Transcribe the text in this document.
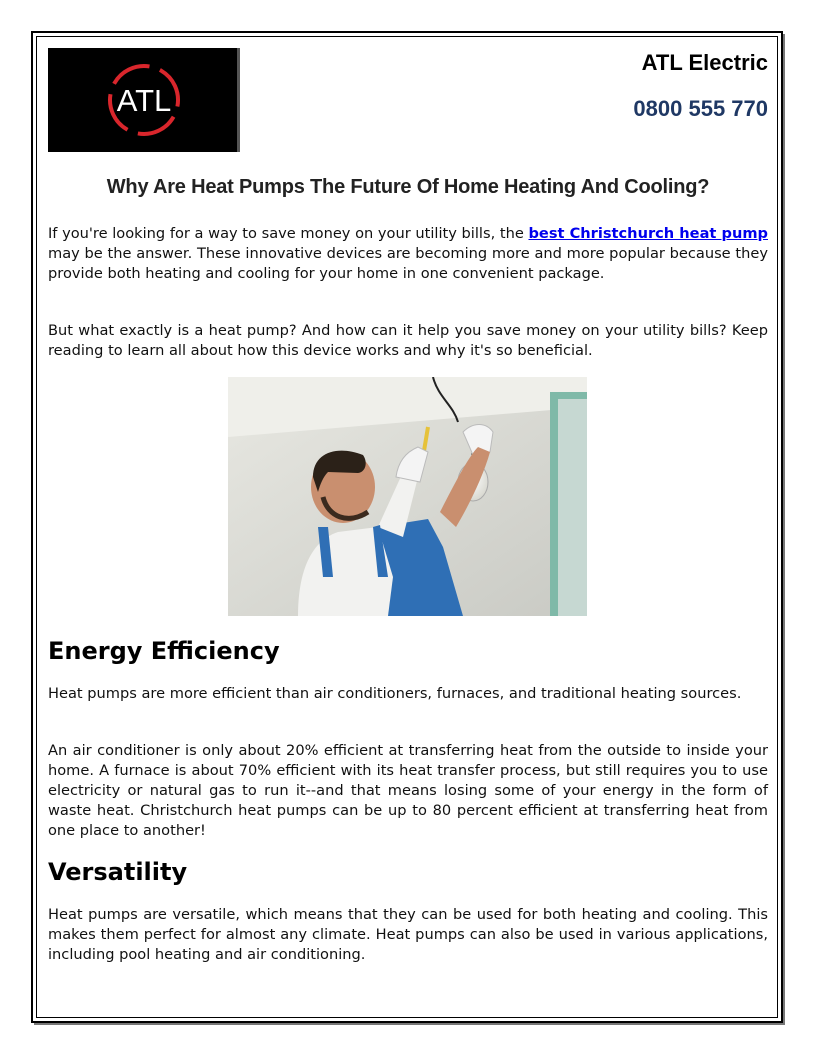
ATL
ATL Electric
0800 555 770
Why Are Heat Pumps The Future Of Home Heating And Cooling?

If you're looking for a way to save money on your utility bills, the best Christchurch heat pump may be the answer. These innovative devices are becoming more and more popular because they provide both heating and cooling for your home in one convenient package.

But what exactly is a heat pump? And how can it help you save money on your utility bills? Keep reading to learn all about how this device works and why it's so beneficial.

Energy Efficiency

Heat pumps are more efficient than air conditioners, furnaces, and traditional heating sources.

An air conditioner is only about 20% efficient at transferring heat from the outside to inside your home. A furnace is about 70% efficient with its heat transfer process, but still requires you to use electricity or natural gas to run it--and that means losing some of your energy in the form of waste heat. Christchurch heat pumps can be up to 80 percent efficient at transferring heat from one place to another!

Versatility

Heat pumps are versatile, which means that they can be used for both heating and cooling. This makes them perfect for almost any climate. Heat pumps can also be used in various applications, including pool heating and air conditioning.
